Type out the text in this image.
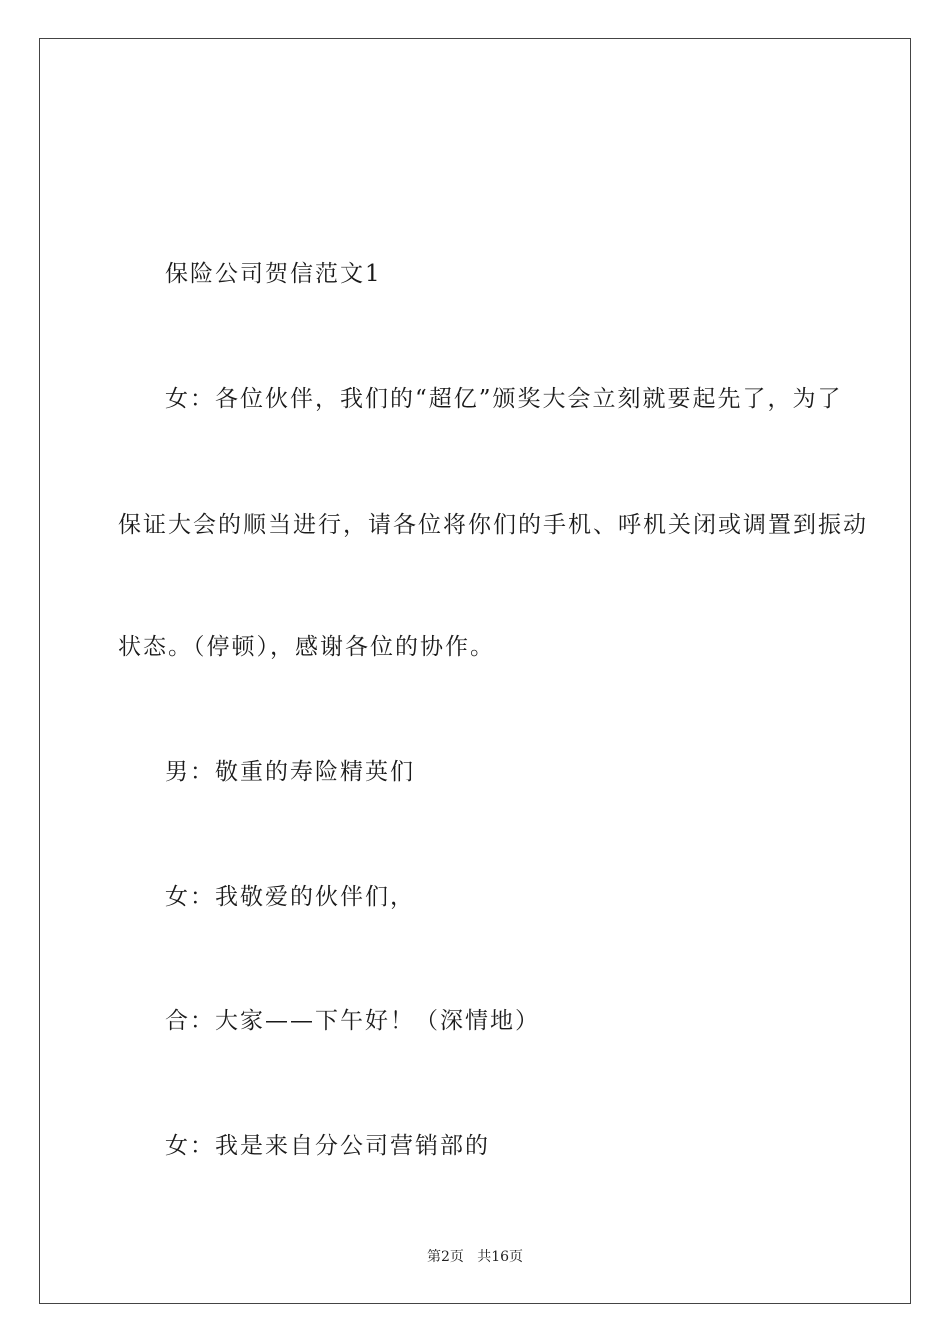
保险公司贺信范文1
女：各位伙伴，我们的“超亿”颁奖大会立刻就要起先了，为了
保证大会的顺当进行，请各位将你们的手机、呼机关闭或调置到振动
状态。（停顿），感谢各位的协作。
男：敬重的寿险精英们
女：我敬爱的伙伴们，
合：大家——下午好！（深情地）
女：我是来自分公司营销部的
第2页   共16页
